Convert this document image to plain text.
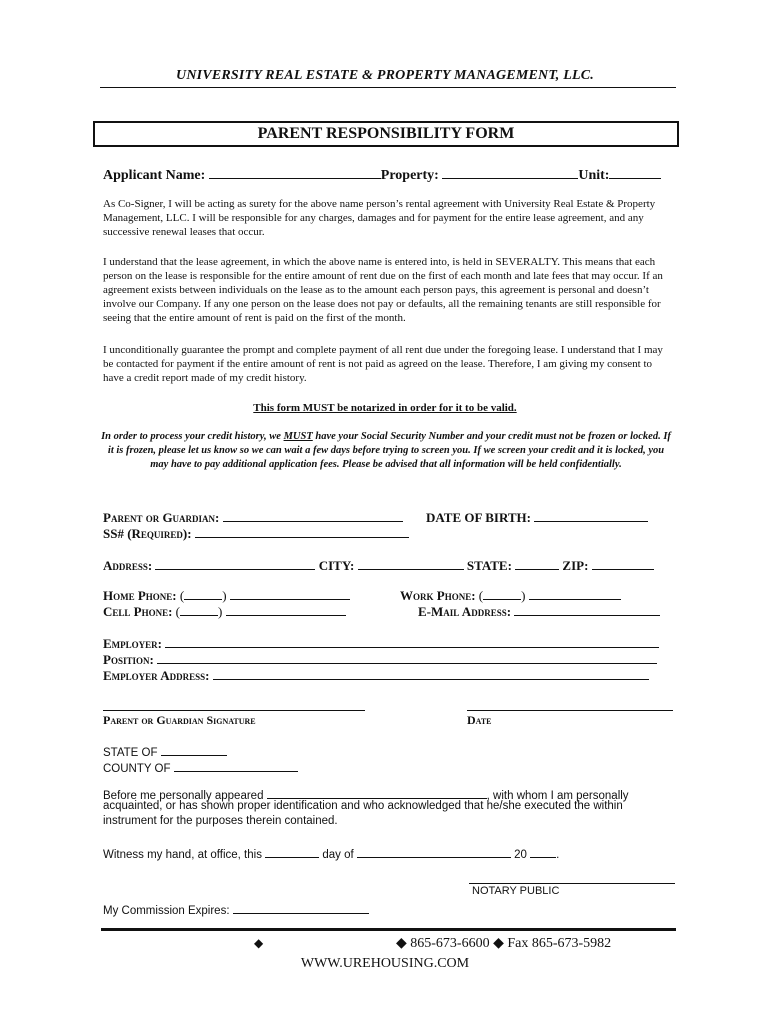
UNIVERSITY REAL ESTATE & PROPERTY MANAGEMENT, LLC.
PARENT RESPONSIBILITY FORM
Applicant Name:	Property:	Unit:
As Co-Signer, I will be acting as surety for the above name person’s rental agreement with University Real Estate & Property Management, LLC. I will be responsible for any charges, damages and for payment for the entire lease agreement, and any successive renewal leases that occur.
I understand that the lease agreement, in which the above name is entered into, is held in SEVERALTY. This means that each person on the lease is responsible for the entire amount of rent due on the first of each month and late fees that may occur. If an agreement exists between individuals on the lease as to the amount each person pays, this agreement is personal and doesn’t involve our Company. If any one person on the lease does not pay or defaults, all the remaining tenants are still responsible for seeing that the entire amount of rent is paid on the first of the month.
I unconditionally guarantee the prompt and complete payment of all rent due under the foregoing lease. I understand that I may be contacted for payment if the entire amount of rent is not paid as agreed on the lease. Therefore, I am giving my consent to have a credit report made of my credit history.
This form MUST be notarized in order for it to be valid.
In order to process your credit history, we MUST have your Social Security Number and your credit must not be frozen or locked. If it is frozen, please let us know so we can wait a few days before trying to screen you. If we screen your credit and it is locked, you may have to pay additional application fees. Please be advised that all information will be held confidentially.
Parent or Guardian:	DATE OF BIRTH:
SS# (Required):
Address:	CITY:	STATE:	ZIP:
Home Phone: (	)	Work Phone: (	)
Cell Phone: (	)	E-Mail Address:
Employer:
Position:
Employer Address:
Parent or Guardian Signature	Date
STATE OF
COUNTY OF
Before me personally appeared	, with whom I am personally
acquainted, or has shown proper identification and who acknowledged that he/she executed the within
instrument for the purposes therein contained.
Witness my hand, at office, this	day of	20	.
NOTARY PUBLIC
My Commission Expires:
◆	◆ 865-673-6600 ◆ Fax 865-673-5982
WWW.UREHOUSING.COM
